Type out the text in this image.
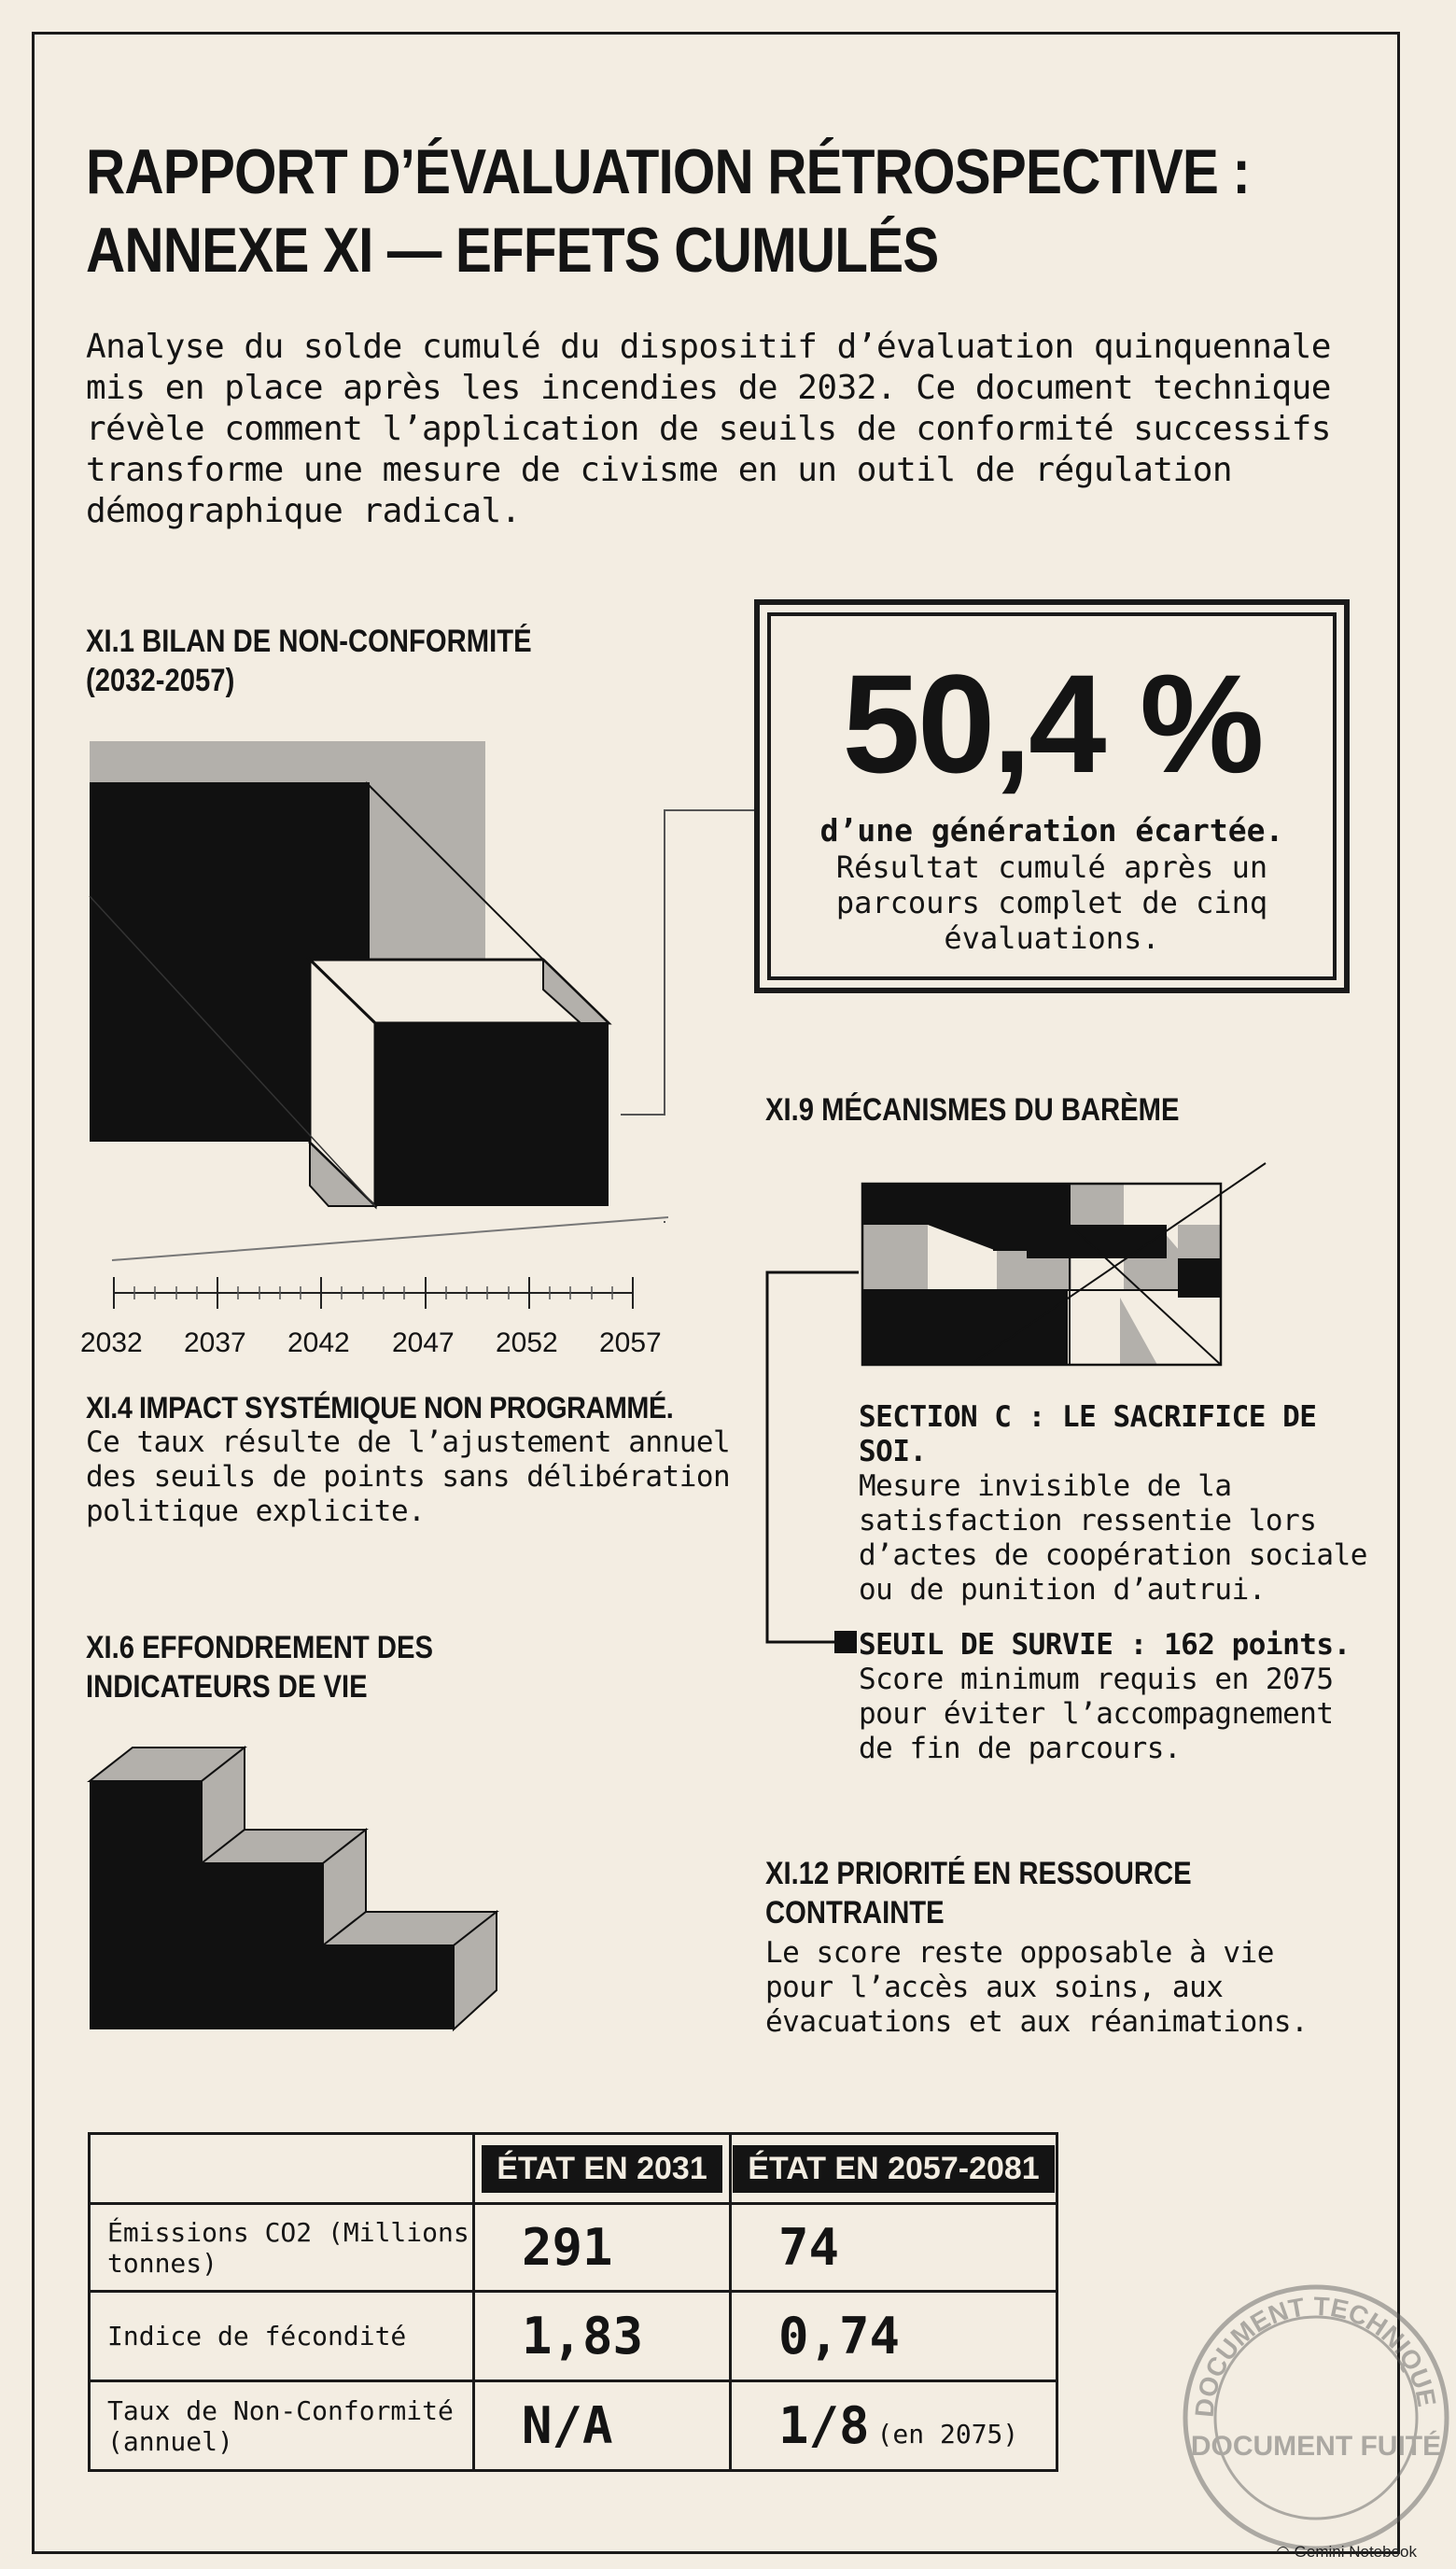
RAPPORT D’ÉVALUATION RÉTROSPECTIVE :
ANNEXE XI — EFFETS CUMULÉS
Analyse du solde cumulé du dispositif d’évaluation quinquennale mis en place après les incendies de 2032. Ce document technique révèle comment l’application de seuils de conformité successifs transforme une mesure de civisme en un outil de régulation démographique radical.
XI.1 BILAN DE NON-CONFORMITÉ (2032-2057)
2032 2037 2042 2047 2052 2057
XI.4 IMPACT SYSTÉMIQUE NON PROGRAMMÉ.
Ce taux résulte de l’ajustement annuel des seuils de points sans délibération politique explicite.
50,4 %
d’une génération écartée.
Résultat cumulé après un parcours complet de cinq évaluations.
XI.9 MÉCANISMES DU BARÈME
SECTION C : LE SACRIFICE DE SOI.
Mesure invisible de la satisfaction ressentie lors d’actes de coopération sociale ou de punition d’autrui.
SEUIL DE SURVIE : 162 points.
Score minimum requis en 2075 pour éviter l’accompagnement de fin de parcours.
XI.6 EFFONDREMENT DES INDICATEURS DE VIE
XI.12 PRIORITÉ EN RESSOURCE CONTRAINTE
Le score reste opposable à vie pour l’accès aux soins, aux évacuations et aux réanimations.
	ÉTAT EN 2031	ÉTAT EN 2057-2081
Émissions CO2 (Millions tonnes)	291	74
Indice de fécondité	1,83	0,74
Taux de Non-Conformité (annuel)	N/A	1/8 (en 2075)
DOCUMENT TECHNIQUE
DOCUMENT FUITÉ
◠ Gemini Notebook
